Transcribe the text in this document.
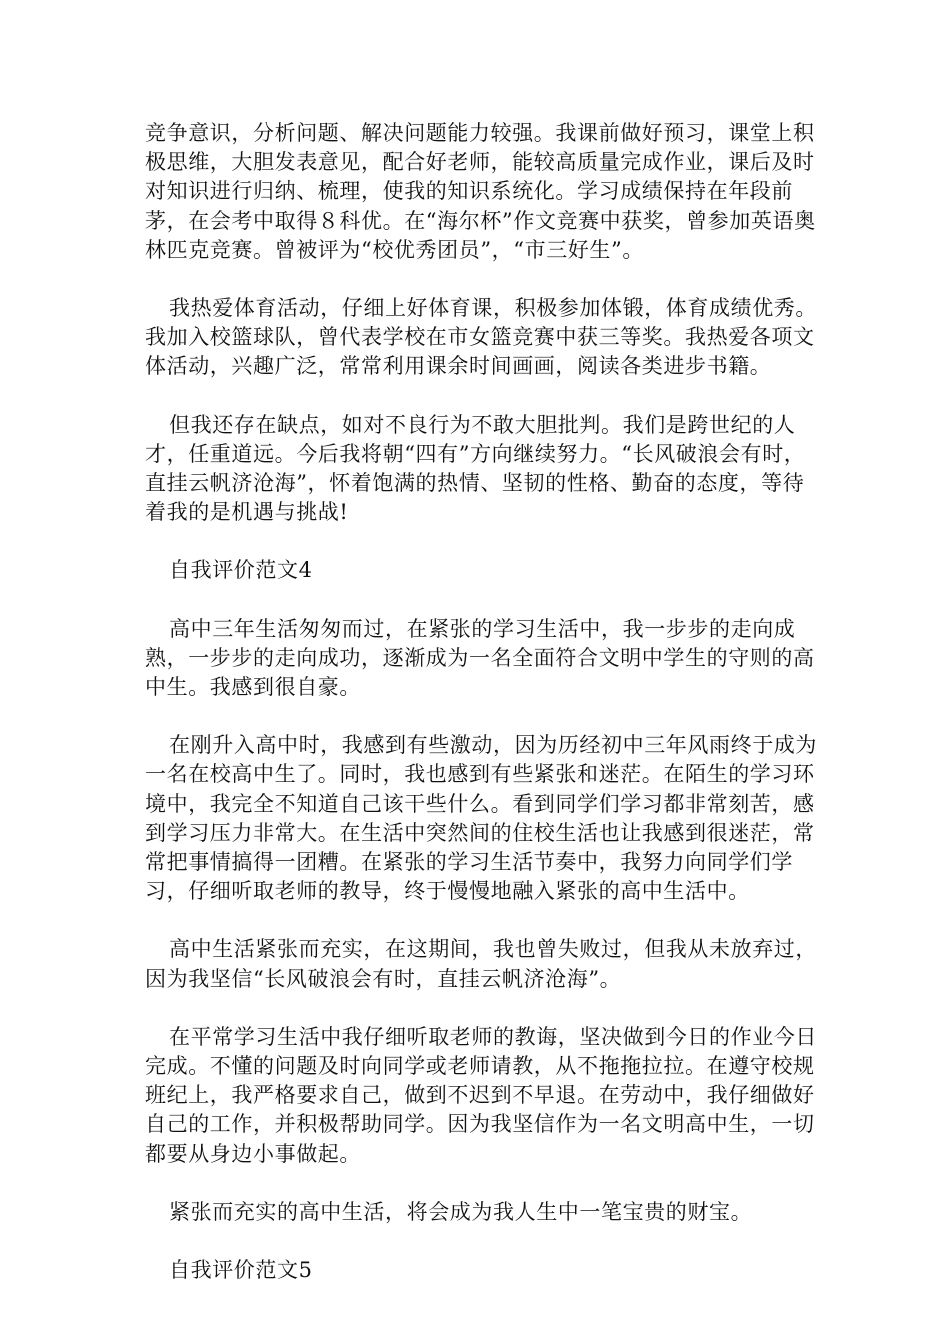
竞争意识，分析问题、解决问题能力较强。我课前做好预习，课堂上积极思维，大胆发表意见，配合好老师，能较高质量完成作业，课后及时对知识进行归纳、梳理，使我的知识系统化。学习成绩保持在年段前茅，在会考中取得８科优。在“海尔杯”作文竞赛中获奖，曾参加英语奥林匹克竞赛。曾被评为“校优秀团员”，“市三好生”。

我热爱体育活动，仔细上好体育课，积极参加体锻，体育成绩优秀。我加入校篮球队，曾代表学校在市女篮竞赛中获三等奖。我热爱各项文体活动，兴趣广泛，常常利用课余时间画画，阅读各类进步书籍。

但我还存在缺点，如对不良行为不敢大胆批判。我们是跨世纪的人才，任重道远。今后我将朝“四有”方向继续努力。“长风破浪会有时，直挂云帆济沧海”，怀着饱满的热情、坚韧的性格、勤奋的态度，等待着我的是机遇与挑战!

自我评价范文4

高中三年生活匆匆而过，在紧张的学习生活中，我一步步的走向成熟，一步步的走向成功，逐渐成为一名全面符合文明中学生的守则的高中生。我感到很自豪。

在刚升入高中时，我感到有些激动，因为历经初中三年风雨终于成为一名在校高中生了。同时，我也感到有些紧张和迷茫。在陌生的学习环境中，我完全不知道自己该干些什么。看到同学们学习都非常刻苦，感到学习压力非常大。在生活中突然间的住校生活也让我感到很迷茫，常常把事情搞得一团糟。在紧张的学习生活节奏中，我努力向同学们学习，仔细听取老师的教导，终于慢慢地融入紧张的高中生活中。

高中生活紧张而充实，在这期间，我也曾失败过，但我从未放弃过，因为我坚信“长风破浪会有时，直挂云帆济沧海”。

在平常学习生活中我仔细听取老师的教诲，坚决做到今日的作业今日完成。不懂的问题及时向同学或老师请教，从不拖拖拉拉。在遵守校规班纪上，我严格要求自己，做到不迟到不早退。在劳动中，我仔细做好自己的工作，并积极帮助同学。因为我坚信作为一名文明高中生，一切都要从身边小事做起。

紧张而充实的高中生活，将会成为我人生中一笔宝贵的财宝。

自我评价范文5
